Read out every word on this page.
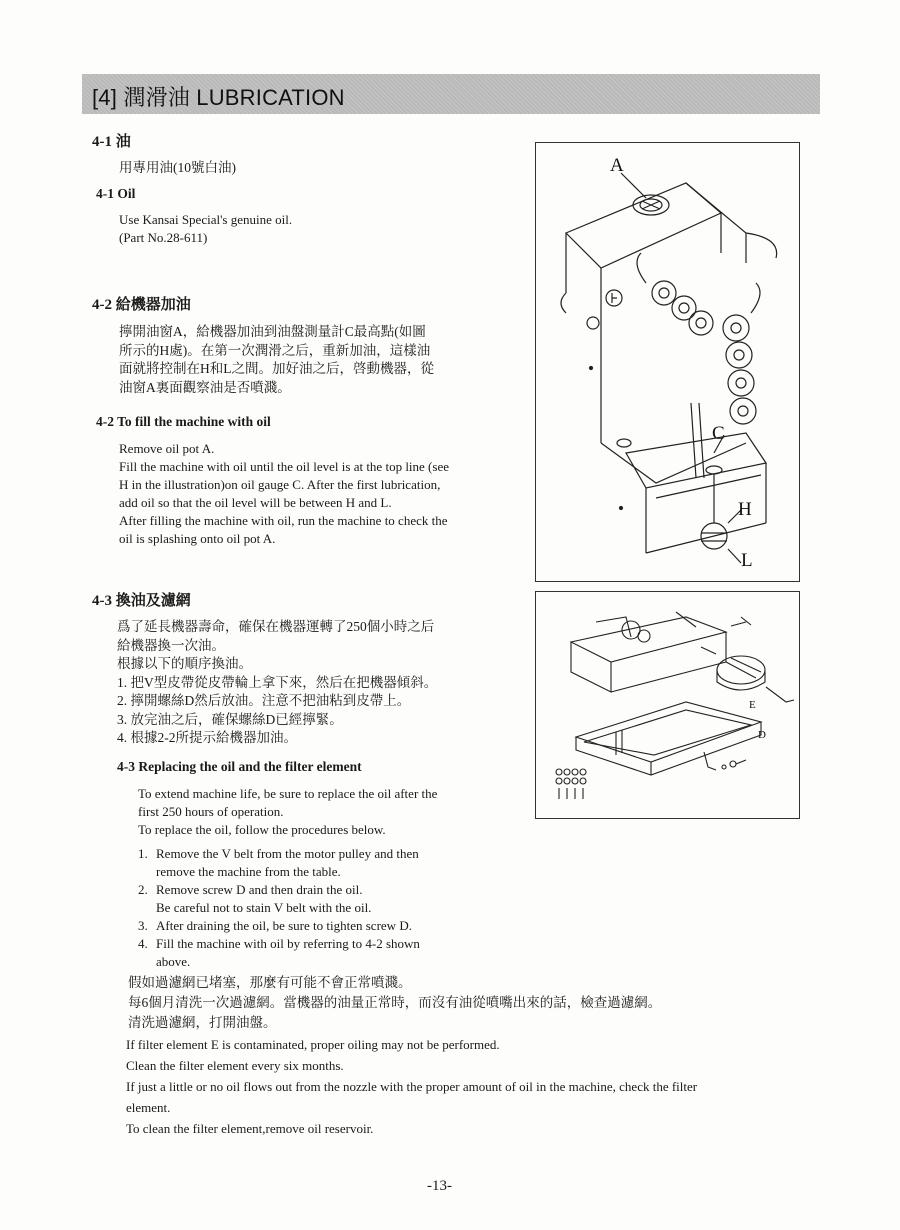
[4] 潤滑油 LUBRICATION
4-1 油
用專用油(10號白油)
4-1 Oil
Use Kansai Special's genuine oil.
(Part No.28-611)
4-2 給機器加油
擰開油窗A，給機器加油到油盤測量計C最高點(如圖
所示的H處)。在第一次潤滑之后，重新加油，這樣油
面就將控制在H和L之間。加好油之后，啓動機器，從
油窗A裏面觀察油是否噴濺。
4-2 To fill the machine with oil
Remove oil pot A.
Fill the machine with oil until the oil level is at the top line (see
H in the illustration)on oil gauge C. After the first lubrication,
add oil so that the oil level will be between H and L.
After filling the machine with oil, run the machine to check the
oil is splashing onto oil pot A.
4-3 換油及濾網
爲了延長機器壽命，確保在機器運轉了250個小時之后
給機器換一次油。
根據以下的順序換油。
1. 把V型皮帶從皮帶輪上拿下來，然后在把機器傾斜。
2. 擰開螺絲D然后放油。注意不把油粘到皮帶上。
3. 放完油之后，確保螺絲D已經擰緊。
4. 根據2-2所提示給機器加油。
4-3 Replacing the oil and the filter element
To extend machine life, be sure to replace the oil after the
first 250 hours of operation.
To replace the oil, follow the procedures below.
1. Remove the V belt from the motor pulley and then
remove the machine from the table.
2. Remove screw D and then drain the oil.
Be careful not to stain V belt with the oil.
3. After draining the oil, be sure to tighten screw D.
4. Fill the machine with oil by referring to 4-2 shown
above.
假如過濾網已堵塞，那麼有可能不會正常噴濺。
每6個月清洗一次過濾網。當機器的油量正常時，而沒有油從噴嘴出來的話，檢查過濾網。
清洗過濾網，打開油盤。
If filter element E is contaminated, proper oiling may not be performed.
Clean the filter element every six months.
If just a little or no oil flows out from the nozzle with the proper amount of oil in the machine, check the filter
element.
To clean the filter element,remove oil reservoir.
A
C
H
L
E
D
-13-
